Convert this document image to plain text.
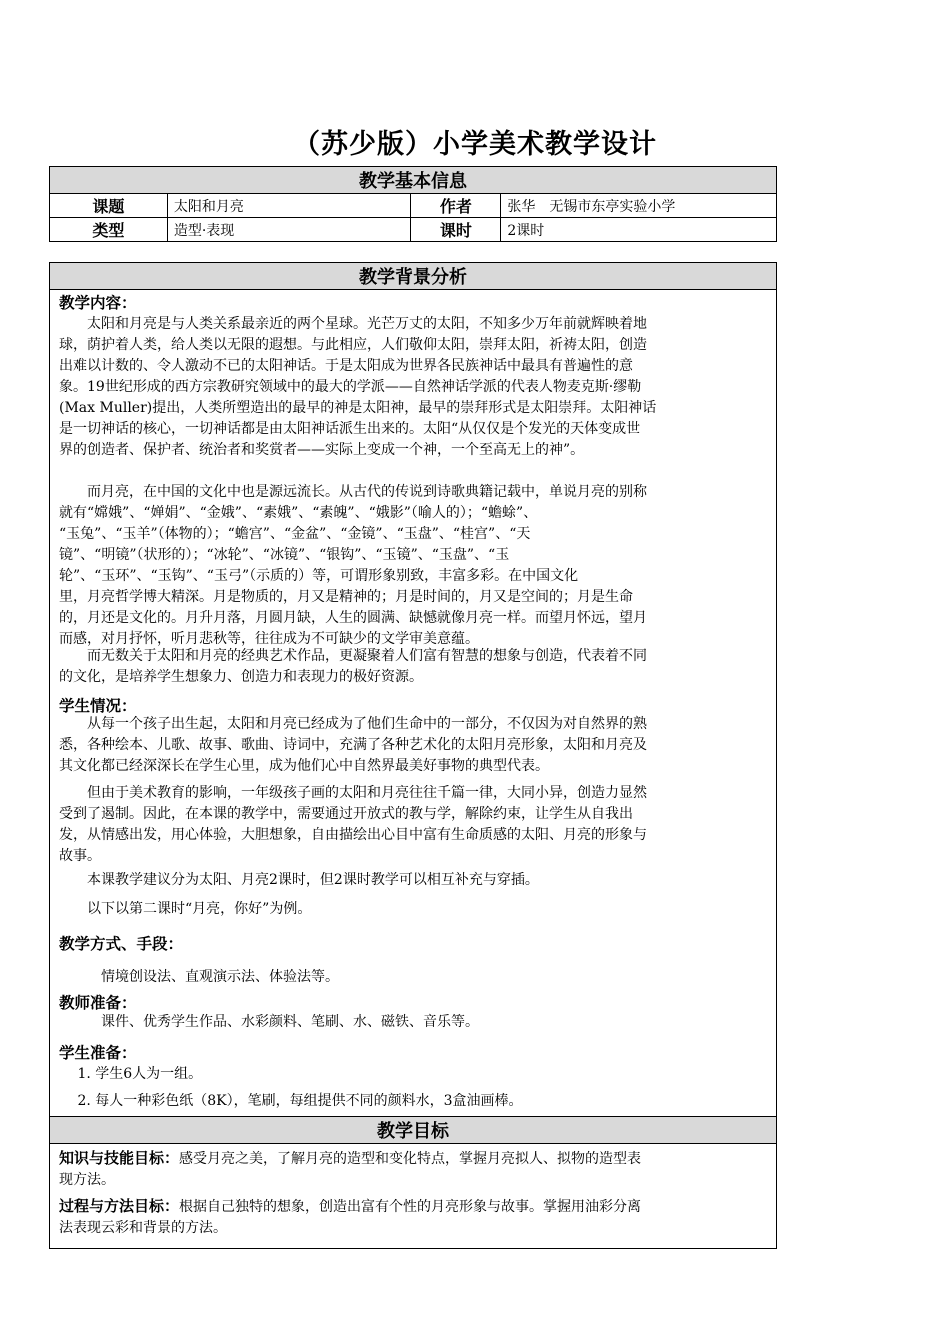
（苏少版）小学美术教学设计
教学基本信息			
课题	太阳和月亮	作者	张华　无锡市东亭实验小学
类型	造型·表现	课时	2课时
教学背景分析

教学内容：
　　太阳和月亮是与人类关系最亲近的两个星球。光芒万丈的太阳，不知多少万年前就辉映着地
球，荫护着人类，给人类以无限的遐想。与此相应，人们敬仰太阳，崇拜太阳，祈祷太阳，创造
出难以计数的、令人激动不已的太阳神话。于是太阳成为世界各民族神话中最具有普遍性的意
象。19世纪形成的西方宗教研究领域中的最大的学派——自然神话学派的代表人物麦克斯·缪勒
(Max Muller)提出，人类所塑造出的最早的神是太阳神，最早的崇拜形式是太阳崇拜。太阳神话
是一切神话的核心，一切神话都是由太阳神话派生出来的。太阳“从仅仅是个发光的天体变成世
界的创造者、保护者、统治者和奖赏者——实际上变成一个神，一个至高无上的神”。
　　而月亮，在中国的文化中也是源远流长。从古代的传说到诗歌典籍记载中，单说月亮的别称
就有“嫦娥”、“婵娟”、“金娥”、“素娥”、“素魄”、“娥影”（喻人的）；“蟾蜍”、
“玉兔”、“玉羊”（体物的）；“蟾宫”、“金盆”、“金镜”、“玉盘”、“桂宫”、“天
镜”、“明镜”（状形的）；“冰轮”、“冰镜”、“银钩”、“玉镜”、“玉盘”、“玉
轮”、“玉环”、“玉钩”、“玉弓”（示质的）等，可谓形象别致，丰富多彩。在中国文化
里，月亮哲学博大精深。月是物质的，月又是精神的；月是时间的，月又是空间的；月是生命
的，月还是文化的。月升月落，月圆月缺，人生的圆满、缺憾就像月亮一样。而望月怀远，望月
而感，对月抒怀，听月悲秋等，往往成为不可缺少的文学审美意蕴。
　　而无数关于太阳和月亮的经典艺术作品，更凝聚着人们富有智慧的想象与创造，代表着不同
的文化，是培养学生想象力、创造力和表现力的极好资源。
学生情况：
　　从每一个孩子出生起，太阳和月亮已经成为了他们生命中的一部分，不仅因为对自然界的熟
悉，各种绘本、儿歌、故事、歌曲、诗词中，充满了各种艺术化的太阳月亮形象，太阳和月亮及
其文化都已经深深长在学生心里，成为他们心中自然界最美好事物的典型代表。
　　但由于美术教育的影响，一年级孩子画的太阳和月亮往往千篇一律，大同小异，创造力显然
受到了遏制。因此，在本课的教学中，需要通过开放式的教与学，解除约束，让学生从自我出
发，从情感出发，用心体验，大胆想象，自由描绘出心目中富有生命质感的太阳、月亮的形象与
故事。
　　本课教学建议分为太阳、月亮2课时，但2课时教学可以相互补充与穿插。
　　以下以第二课时“月亮，你好”为例。
教学方式、手段：
　　　情境创设法、直观演示法、体验法等。
教师准备：
　　　课件、优秀学生作品、水彩颜料、笔刷、水、磁铁、音乐等。
学生准备：
　 1. 学生6人为一组。
　 2. 每人一种彩色纸（8K），笔刷，每组提供不同的颜料水，3盒油画棒。

教学目标

知识与技能目标：感受月亮之美，了解月亮的造型和变化特点，掌握月亮拟人、拟物的造型表
现方法。
过程与方法目标：根据自己独特的想象，创造出富有个性的月亮形象与故事。掌握用油彩分离
法表现云彩和背景的方法。
